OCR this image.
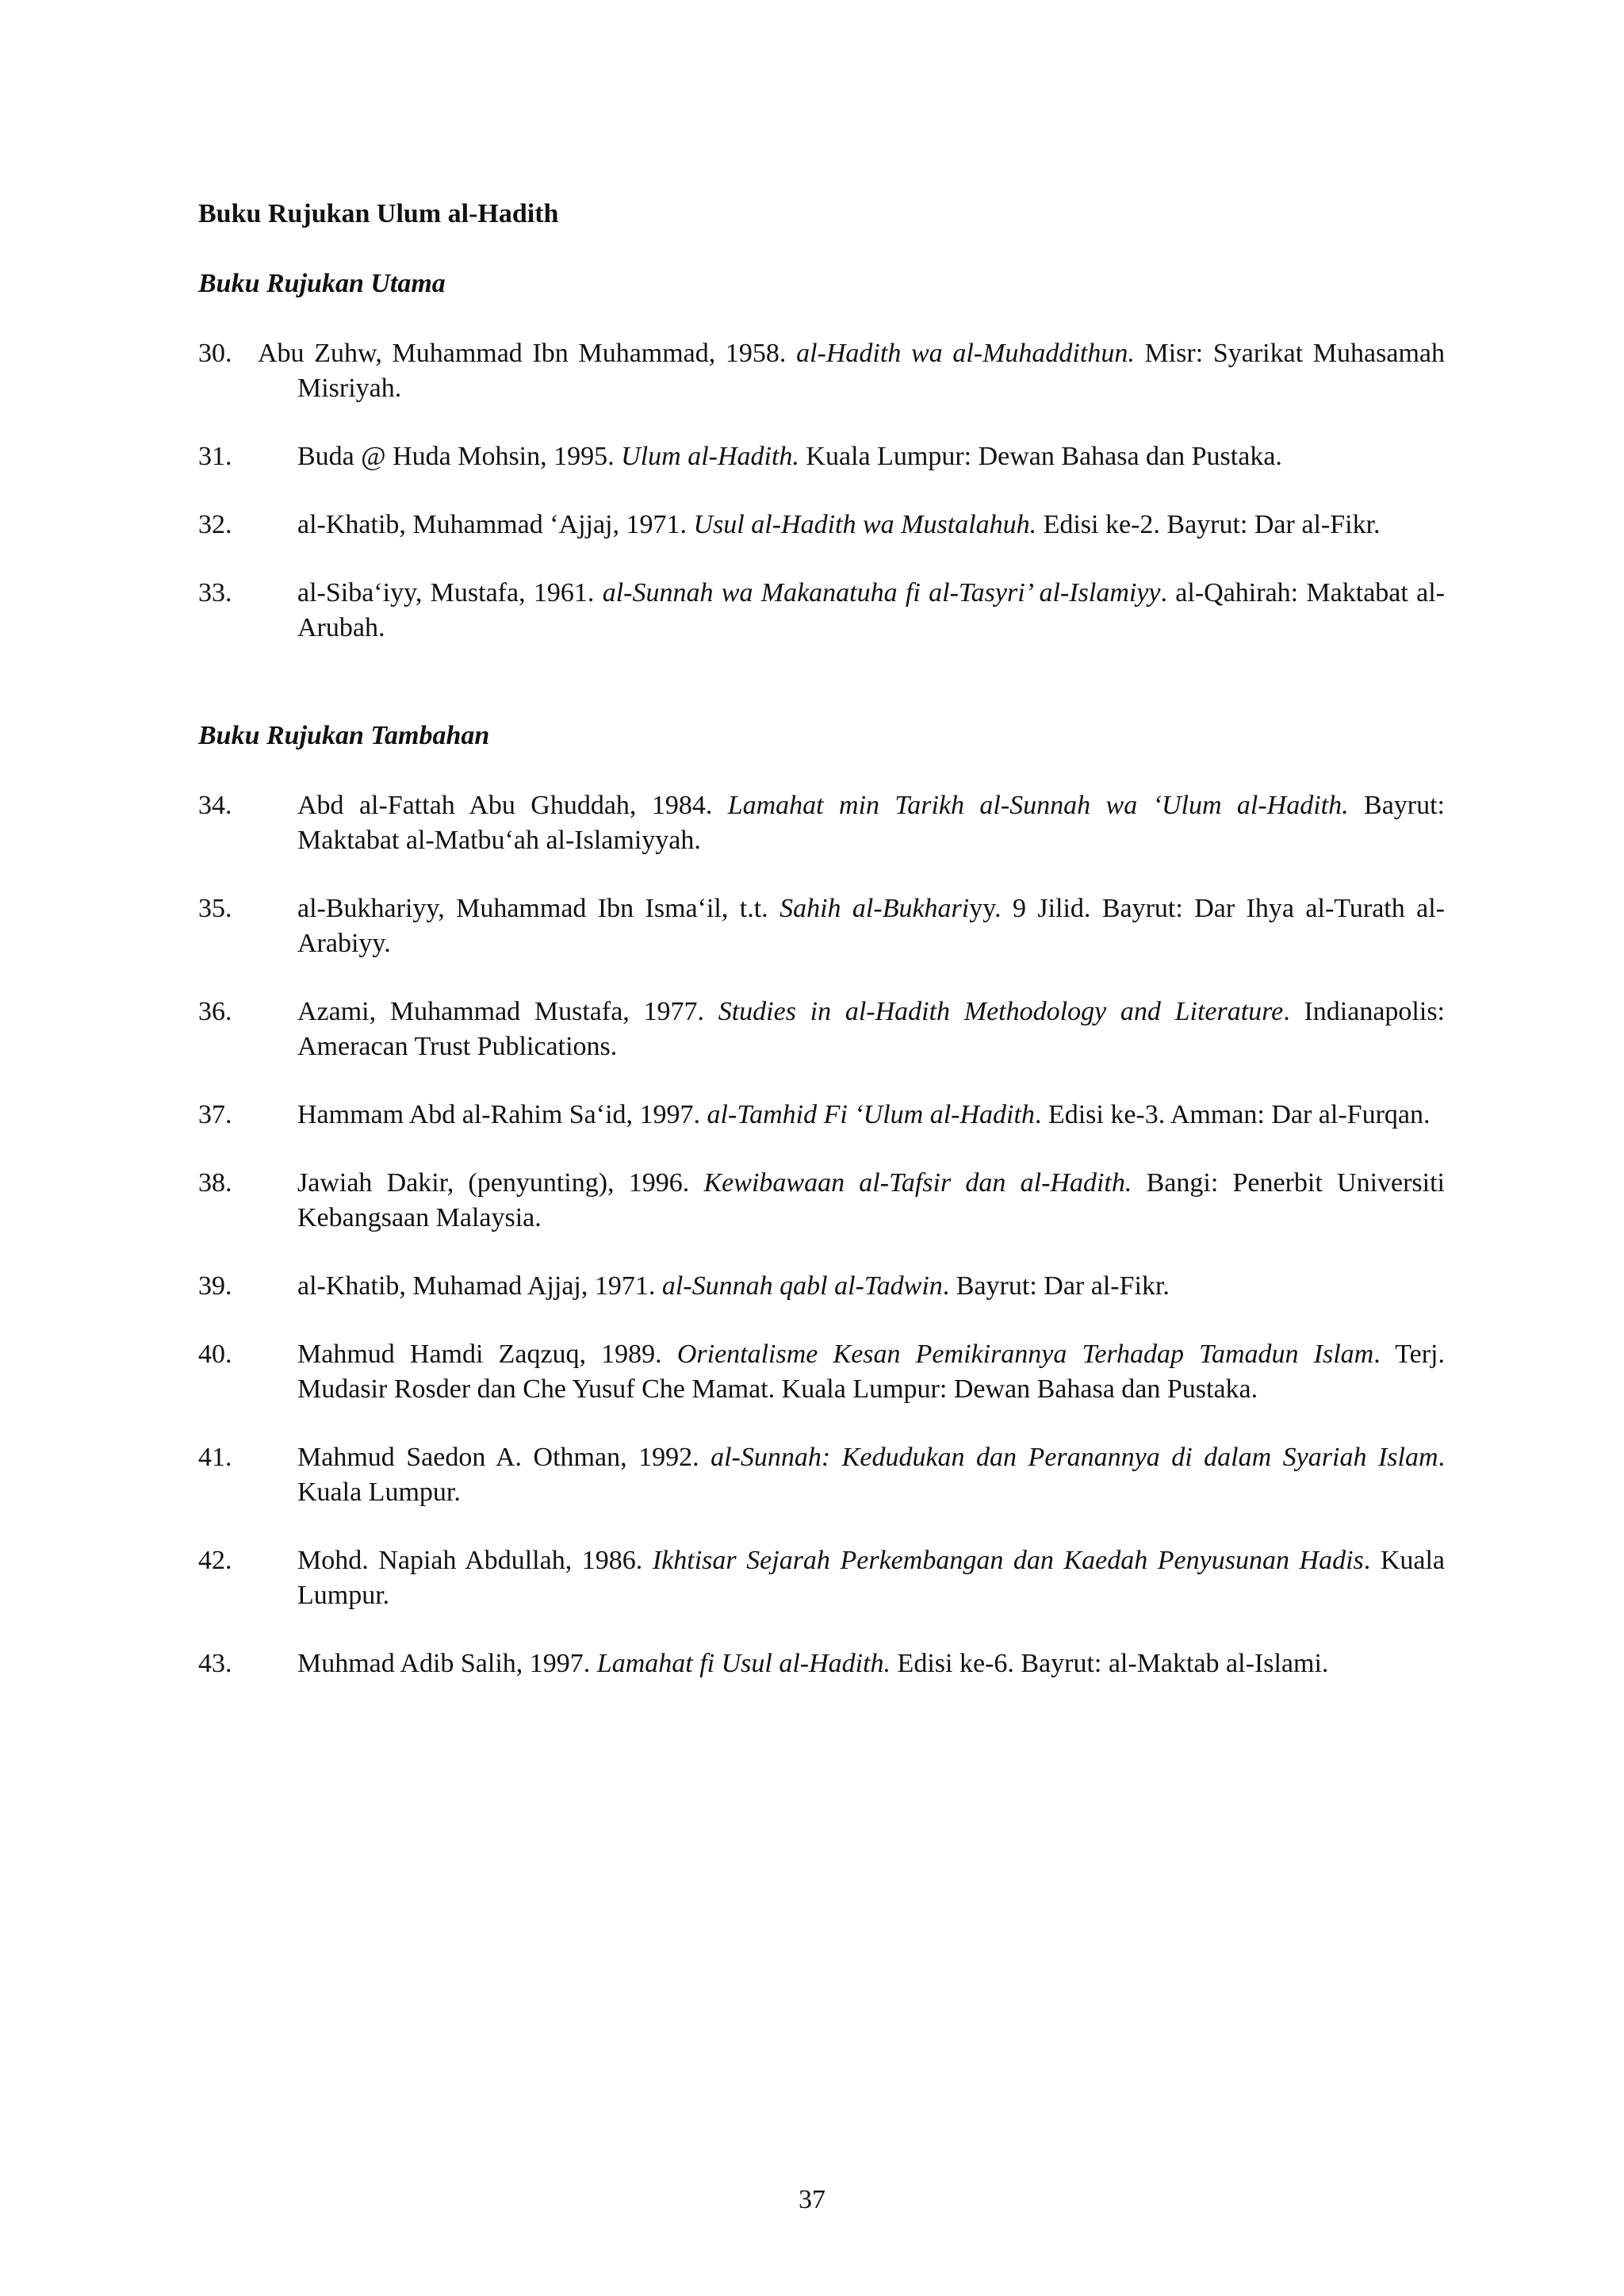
Buku Rujukan Ulum al-Hadith
Buku Rujukan Utama
30. Abu Zuhw, Muhammad Ibn Muhammad, 1958. al-Hadith wa al-Muhaddithun. Misr: Syarikat Muhasamah Misriyah.
31.	Buda @ Huda Mohsin, 1995. Ulum al-Hadith. Kuala Lumpur: Dewan Bahasa dan Pustaka.
32.	al-Khatib, Muhammad ‘Ajjaj, 1971. Usul al-Hadith wa Mustalahuh. Edisi ke-2. Bayrut: Dar al-Fikr.
33.	al-Siba‘iyy, Mustafa, 1961. al-Sunnah wa Makanatuha fi al-Tasyri’ al-Islamiyy. al-Qahirah: Maktabat al-Arubah.
Buku Rujukan Tambahan
34.	Abd al-Fattah Abu Ghuddah, 1984. Lamahat min Tarikh al-Sunnah wa ‘Ulum al-Hadith. Bayrut: Maktabat al-Matbu‘ah al-Islamiyyah.
35.	al-Bukhariyy, Muhammad Ibn Isma‘il, t.t. Sahih al-Bukhariyy. 9 Jilid. Bayrut: Dar Ihya al-Turath al-Arabiyy.
36.	Azami, Muhammad Mustafa, 1977. Studies in al-Hadith Methodology and Literature. Indianapolis: Ameracan Trust Publications.
37.	Hammam Abd al-Rahim Sa‘id, 1997. al-Tamhid Fi ‘Ulum al-Hadith. Edisi ke-3. Amman: Dar al-Furqan.
38.	Jawiah Dakir, (penyunting), 1996. Kewibawaan al-Tafsir dan al-Hadith. Bangi: Penerbit Universiti Kebangsaan Malaysia.
39.	al-Khatib, Muhamad Ajjaj, 1971. al-Sunnah qabl al-Tadwin. Bayrut: Dar al-Fikr.
40.	Mahmud Hamdi Zaqzuq, 1989. Orientalisme Kesan Pemikirannya Terhadap Tamadun Islam. Terj. Mudasir Rosder dan Che Yusuf Che Mamat. Kuala Lumpur: Dewan Bahasa dan Pustaka.
41.	Mahmud Saedon A. Othman, 1992. al-Sunnah: Kedudukan dan Peranannya di dalam Syariah Islam. Kuala Lumpur.
42.	Mohd. Napiah Abdullah, 1986. Ikhtisar Sejarah Perkembangan dan Kaedah Penyusunan Hadis. Kuala Lumpur.
43.	Muhmad Adib Salih, 1997. Lamahat fi Usul al-Hadith. Edisi ke-6. Bayrut: al-Maktab al-Islami.

37
